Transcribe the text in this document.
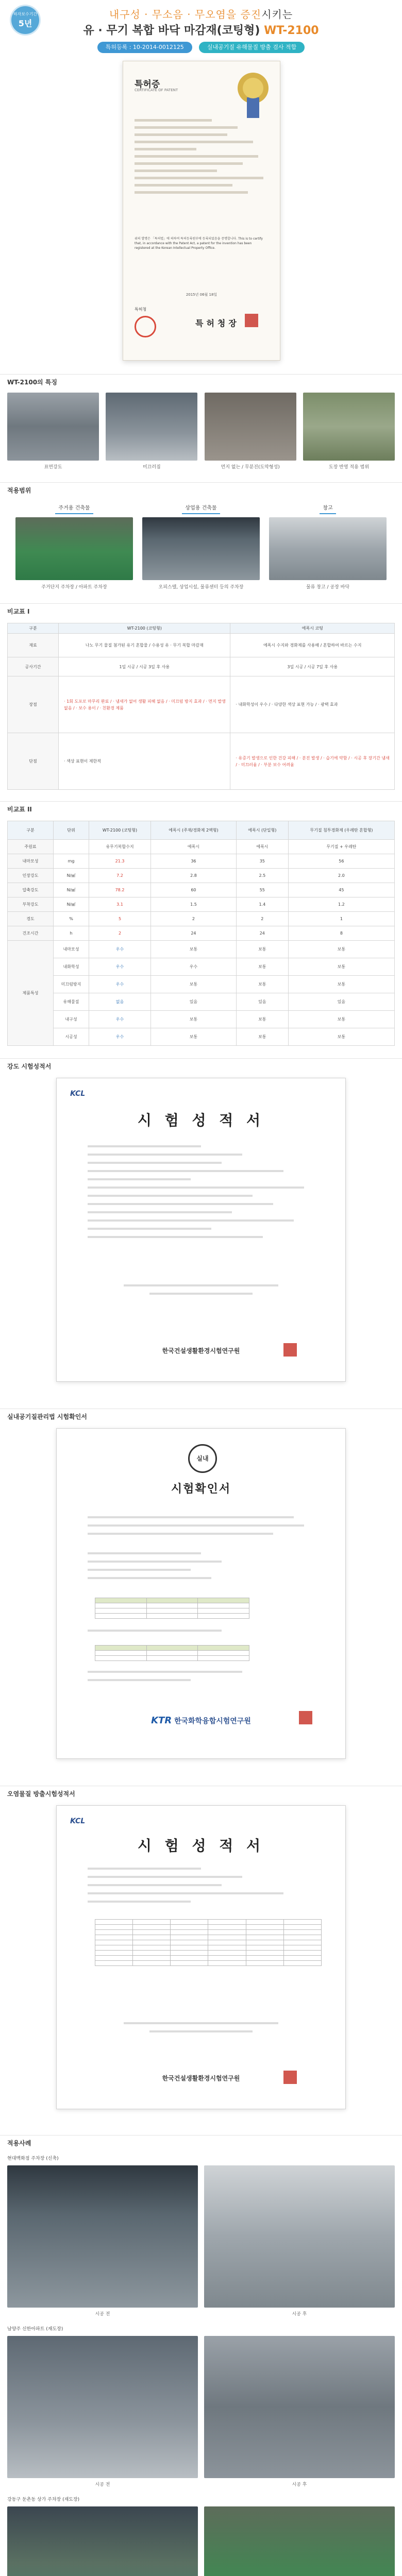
하자보수기간
5년
내구성 · 무소음 · 무오염을 증진시키는
유 · 무기 복합 바닥 마감재(코팅형) WT-2100
특허등록 : 10-2014-0012125	실내공기질 유해물질 방출 검사 적합
특허증
CERTIFICATE OF PATENT
위의 발명은 「특허법」에 의하여 특허등록원부에 등록되었음을 증명합니다. This is to certify that, in accordance with the Patent Act, a patent for the invention has been registered at the Korean Intellectual Property Office.
2015년 06월 18일
특허청
특허청장
WT-2100의 특징
표면강도	미끄러짐	먼지 없는 / 무분진(도막형성)	도장 반영 적용 범위
적용범위
주거용 건축물
주거단지 주차장 / 아파트 주차장
상업용 건축물
오피스텔, 상업시설, 물류센터 등의 주차장
창고
물류 창고 / 공장 바닥
비교표 I
구분	WT-2100 (코팅형)	에폭시 코팅
재료	나노 무기 물질 첨가된 유기 혼합물 / 수용성 유 · 무기 복합 마감재	에폭시 수지와 경화제를 사용해 / 혼합하여 바르는 수지
공사기간	1일 시공 / 시공 3일 후 사용	3일 시공 / 시공 7일 후 사용
장점	· 1회 도포로 마무리 완료 / · 냄새가 없어 생활 피해 없음 / · 미끄럼 방지 효과 / · 먼지 발생 없음 / · 보수 용이 / · 친환경 제품	· 내화학성이 우수 / · 다양한 색상 표현 가능 / · 광택 효과
단점	· 색상 표현이 제한적	· 유증기 발생으로 인한 건강 피해 / · 분진 발생 / · 습기에 약함 / · 시공 후 장기간 냄새 / · 미끄러움 / · 부분 보수 어려움
비교표 II
구분	단위	WT-2100 (코팅형)	에폭시 (주재/경화제 2액형)	에폭시 (단일형)	무기질 침투경화제 (우레탄 혼합형)
주원료		유무기복합수지	에폭시	에폭시	무기질 + 우레탄
내마모성	mg	21.3	36	35	56
인장강도	N/㎟	7.2	2.8	2.5	2.0
압축강도	N/㎟	78.2	60	55	45
부착강도	N/㎟	3.1	1.5	1.4	1.2
경도	%	5	2	2	1
건조시간	h	2	24	24	8
제품특성	내마모성	우수	보통	보통	보통
	내화학성	우수	우수	보통	보통
	미끄럼방지	우수	보통	보통	보통
	유해물질	없음	있음	있음	있음
	내구성	우수	보통	보통	보통
	시공성	우수	보통	보통	보통
강도 시험성적서
KCL
시 험 성 적 서
한국건설생활환경시험연구원
실내공기질관리법 시험확인서
실내
시험확인서

KTR 한국화학융합시험연구원
오염물질 방출시험성적서
KCL
시 험 성 적 서

한국건설생활환경시험연구원
적용사례
현대백화점 주차장 (신축)
시공 전	시공 후
남양주 신한아파트 (재도장)
시공 전	시공 후
강동구 둔촌동 상가 주차장 (재도장)
